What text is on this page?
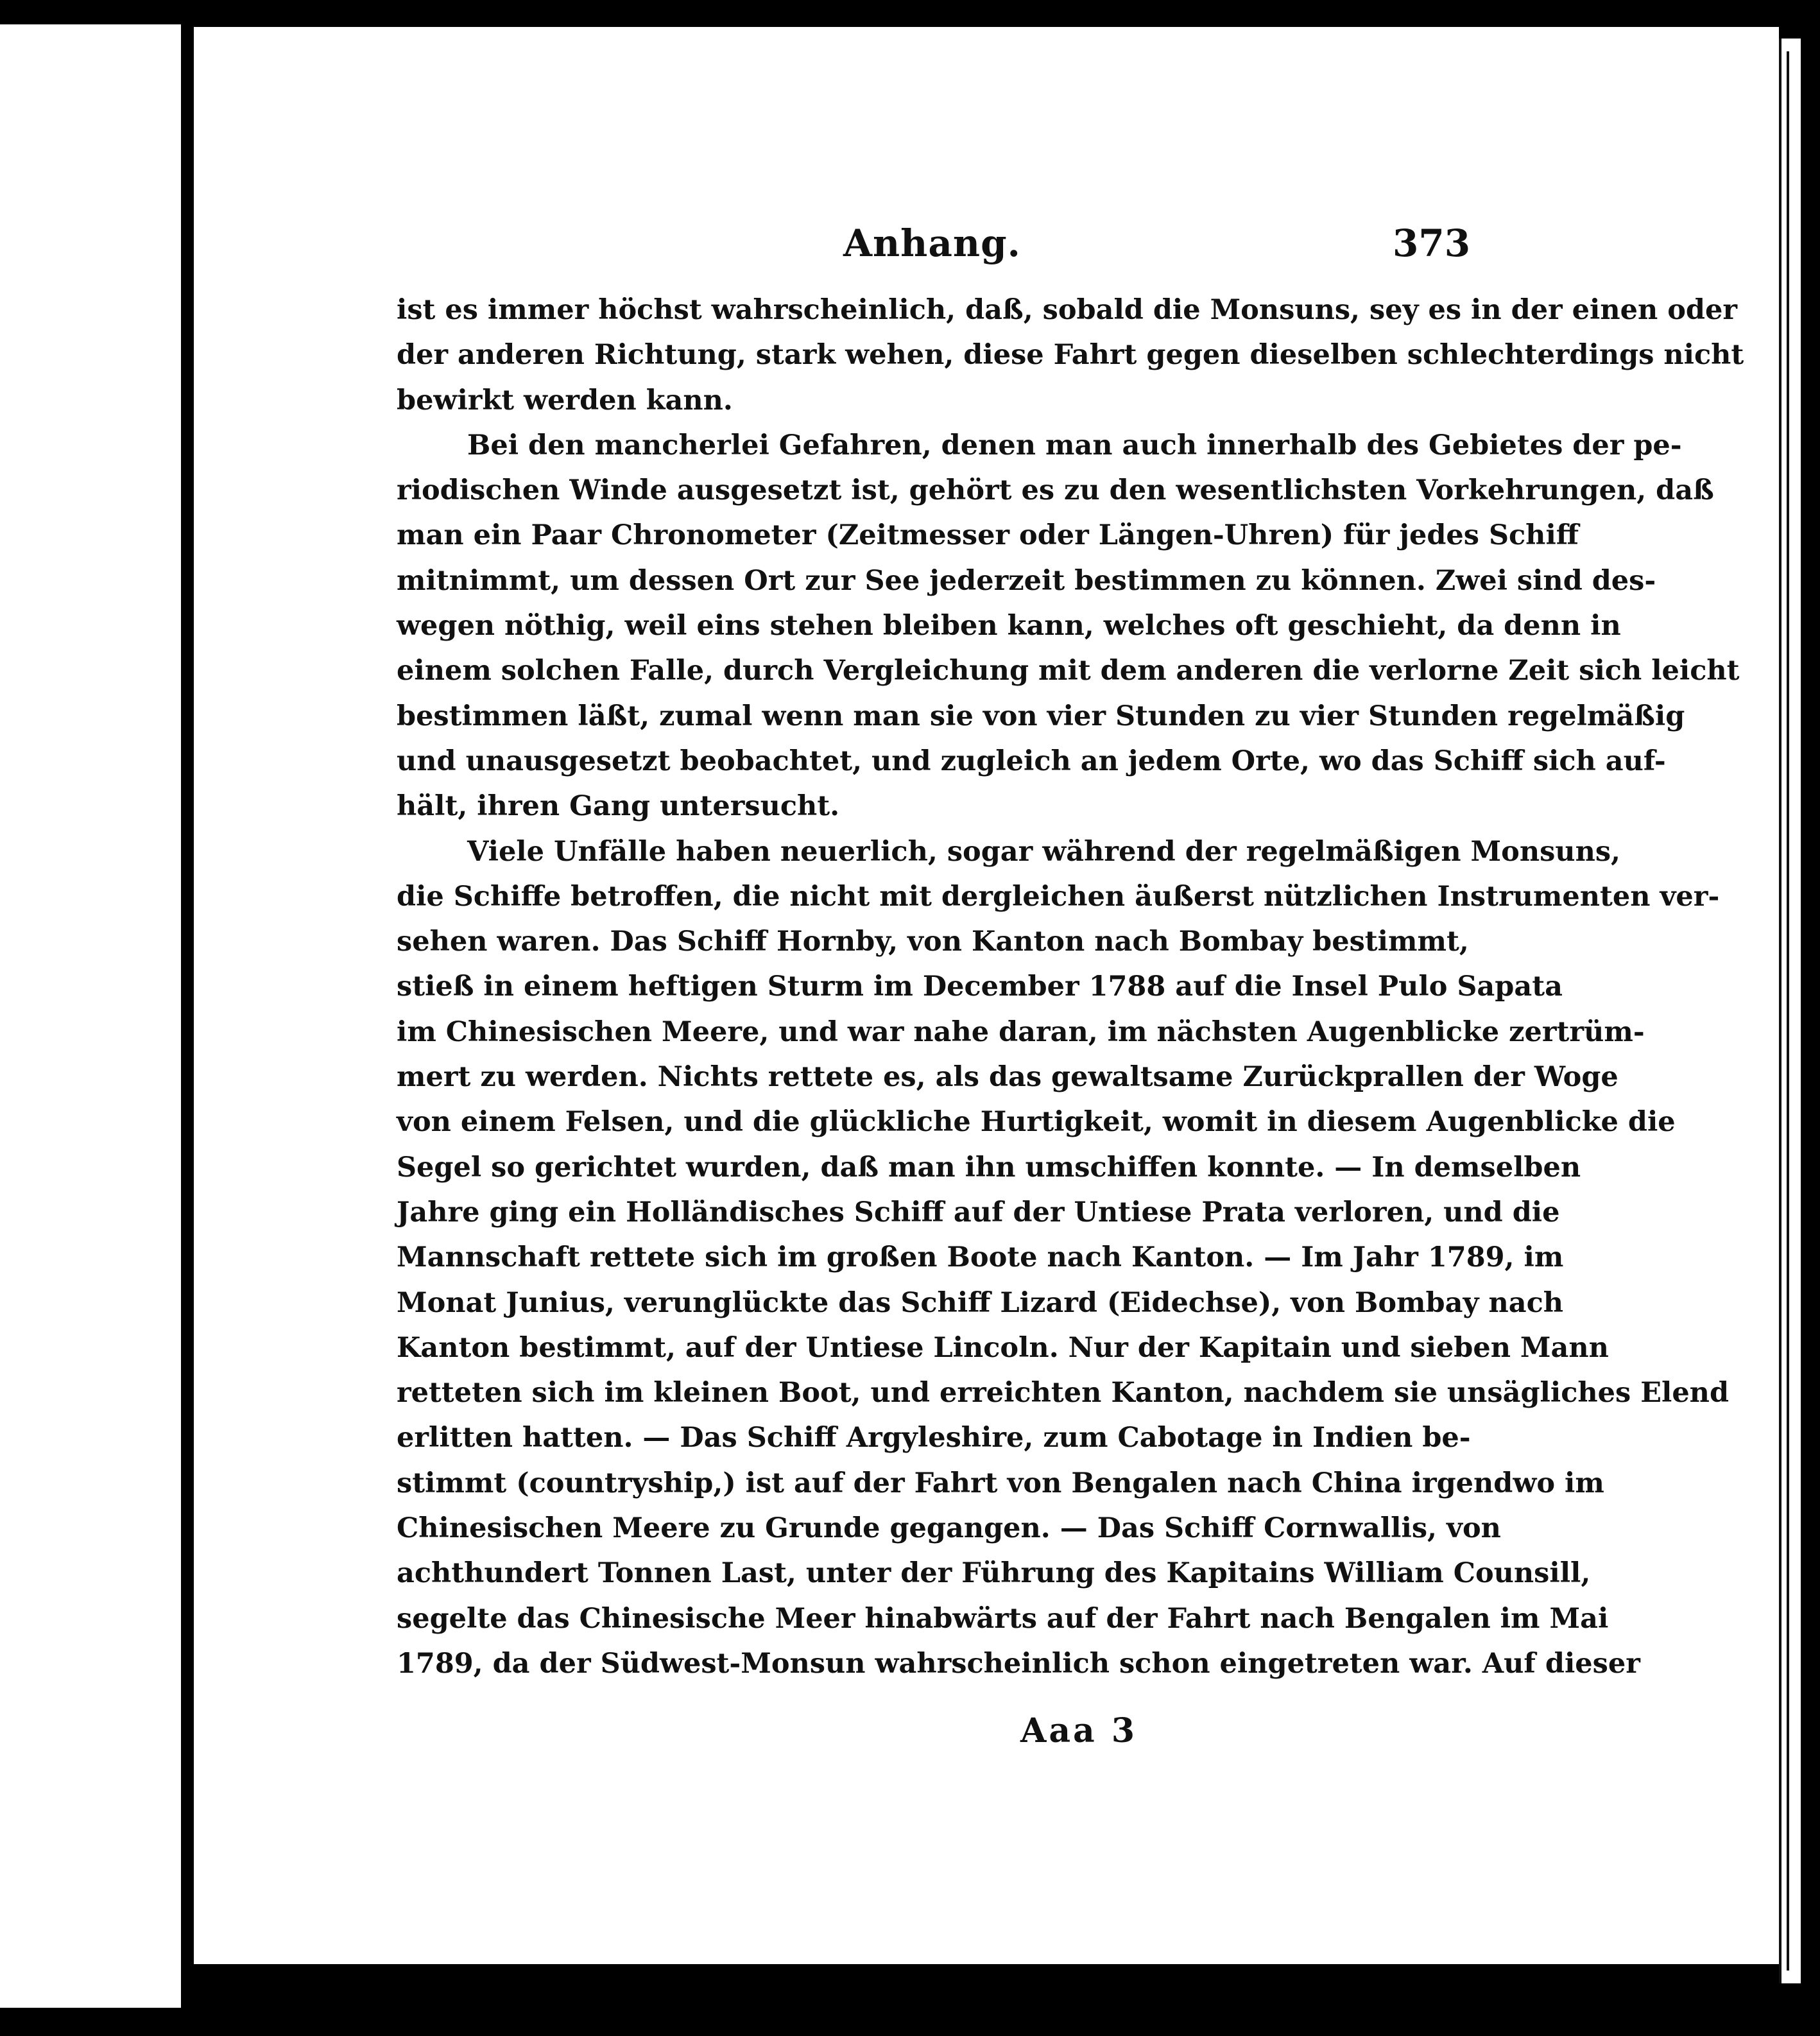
Anhang.	373
ist es immer höchst wahrscheinlich, daß, sobald die Monsuns, sey es in der einen oder
der anderen Richtung, stark wehen, diese Fahrt gegen dieselben schlechterdings nicht
bewirkt werden kann.
Bei den mancherlei Gefahren, denen man auch innerhalb des Gebietes der pe-
riodischen Winde ausgesetzt ist, gehört es zu den wesentlichsten Vorkehrungen, daß
man ein Paar Chronometer (Zeitmesser oder Längen-Uhren) für jedes Schiff
mitnimmt, um dessen Ort zur See jederzeit bestimmen zu können. Zwei sind des-
wegen nöthig, weil eins stehen bleiben kann, welches oft geschieht, da denn in
einem solchen Falle, durch Vergleichung mit dem anderen die verlorne Zeit sich leicht
bestimmen läßt, zumal wenn man sie von vier Stunden zu vier Stunden regelmäßig
und unausgesetzt beobachtet, und zugleich an jedem Orte, wo das Schiff sich auf-
hält, ihren Gang untersucht.
Viele Unfälle haben neuerlich, sogar während der regelmäßigen Monsuns,
die Schiffe betroffen, die nicht mit dergleichen äußerst nützlichen Instrumenten ver-
sehen waren. Das Schiff Hornby, von Kanton nach Bombay bestimmt,
stieß in einem heftigen Sturm im December 1788 auf die Insel Pulo Sapata
im Chinesischen Meere, und war nahe daran, im nächsten Augenblicke zertrüm-
mert zu werden. Nichts rettete es, als das gewaltsame Zurückprallen der Woge
von einem Felsen, und die glückliche Hurtigkeit, womit in diesem Augenblicke die
Segel so gerichtet wurden, daß man ihn umschiffen konnte. — In demselben
Jahre ging ein Holländisches Schiff auf der Untiese Prata verloren, und die
Mannschaft rettete sich im großen Boote nach Kanton. — Im Jahr 1789, im
Monat Junius, verunglückte das Schiff Lizard (Eidechse), von Bombay nach
Kanton bestimmt, auf der Untiese Lincoln. Nur der Kapitain und sieben Mann
retteten sich im kleinen Boot, und erreichten Kanton, nachdem sie unsägliches Elend
erlitten hatten. — Das Schiff Argyleshire, zum Cabotage in Indien be-
stimmt (countryship,) ist auf der Fahrt von Bengalen nach China irgendwo im
Chinesischen Meere zu Grunde gegangen. — Das Schiff Cornwallis, von
achthundert Tonnen Last, unter der Führung des Kapitains William Counsill,
segelte das Chinesische Meer hinabwärts auf der Fahrt nach Bengalen im Mai
1789, da der Südwest-Monsun wahrscheinlich schon eingetreten war. Auf dieser
Aaa 3
